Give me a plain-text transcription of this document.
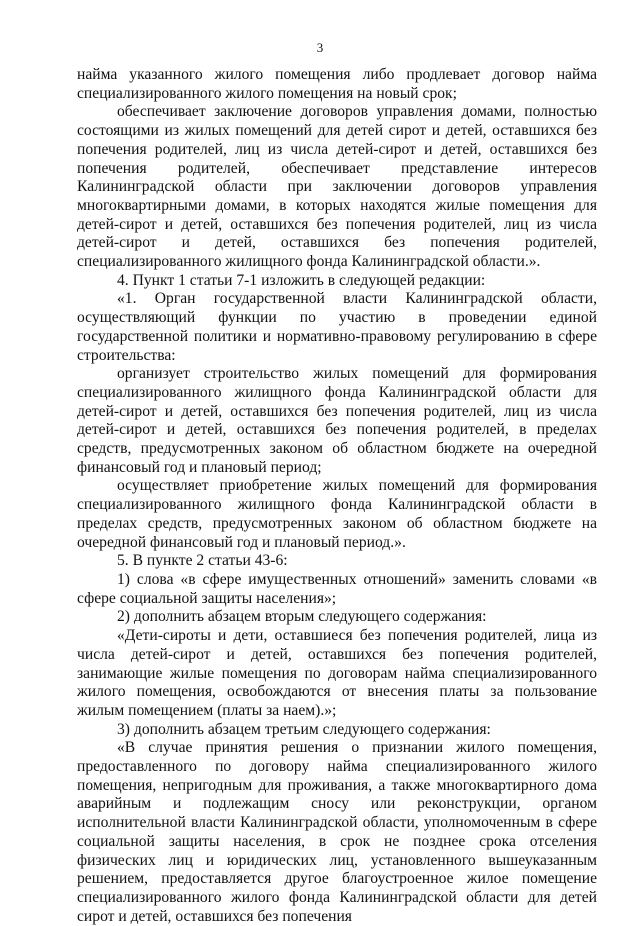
3

найма указанного жилого помещения либо продлевает договор найма специализированного жилого помещения на новый срок;

обеспечивает заключение договоров управления домами, полностью состоящими из жилых помещений для детей сирот и детей, оставшихся без попечения родителей, лиц из числа детей-сирот и детей, оставшихся без попечения родителей, обеспечивает представление интересов Калининградской области при заключении договоров управления многоквартирными домами, в которых находятся жилые помещения для детей-сирот и детей, оставшихся без попечения родителей, лиц из числа детей-сирот и детей, оставшихся без попечения родителей, специализированного жилищного фонда Калининградской области.».

4. Пункт 1 статьи 7-1 изложить в следующей редакции:

«1. Орган государственной власти Калининградской области, осуществляющий функции по участию в проведении единой государственной политики и нормативно-правовому регулированию в сфере строительства:

организует строительство жилых помещений для формирования специализированного жилищного фонда Калининградской области для детей-сирот и детей, оставшихся без попечения родителей, лиц из числа детей-сирот и детей, оставшихся без попечения родителей, в пределах средств, предусмотренных законом об областном бюджете на очередной финансовый год и плановый период;

осуществляет приобретение жилых помещений для формирования специализированного жилищного фонда Калининградской области в пределах средств, предусмотренных законом об областном бюджете на очередной финансовый год и плановый период.».

5. В пункте 2 статьи 43-6:

1) слова «в сфере имущественных отношений» заменить словами «в сфере социальной защиты населения»;

2) дополнить абзацем вторым следующего содержания:

«Дети-сироты и дети, оставшиеся без попечения родителей, лица из числа детей-сирот и детей, оставшихся без попечения родителей, занимающие жилые помещения по договорам найма специализированного жилого помещения, освобождаются от внесения платы за пользование жилым помещением (платы за наем).»;

3) дополнить абзацем третьим следующего содержания:

«В случае принятия решения о признании жилого помещения, предоставленного по договору найма специализированного жилого помещения, непригодным для проживания, а также многоквартирного дома аварийным и подлежащим сносу или реконструкции, органом исполнительной власти Калининградской области, уполномоченным в сфере социальной защиты населения, в срок не позднее срока отселения физических лиц и юридических лиц, установленного вышеуказанным решением, предоставляется другое благоустроенное жилое помещение специализированного жилого фонда Калининградской области для детей сирот и детей, оставшихся без попечения
